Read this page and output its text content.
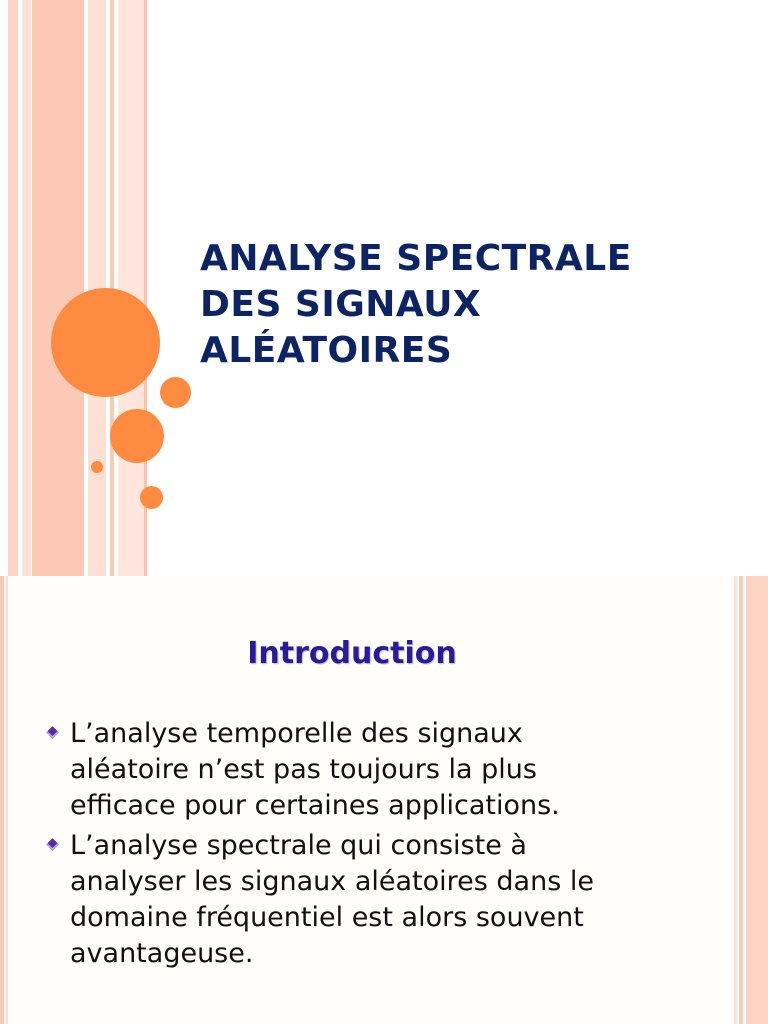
ANALYSE SPECTRALE
DES SIGNAUX
ALÉATOIRES
Introduction
L’analyse temporelle des signaux
aléatoire n’est pas toujours la plus
efficace pour certaines applications.
L’analyse spectrale qui consiste à
analyser les signaux aléatoires dans le
domaine fréquentiel est alors souvent
avantageuse.
